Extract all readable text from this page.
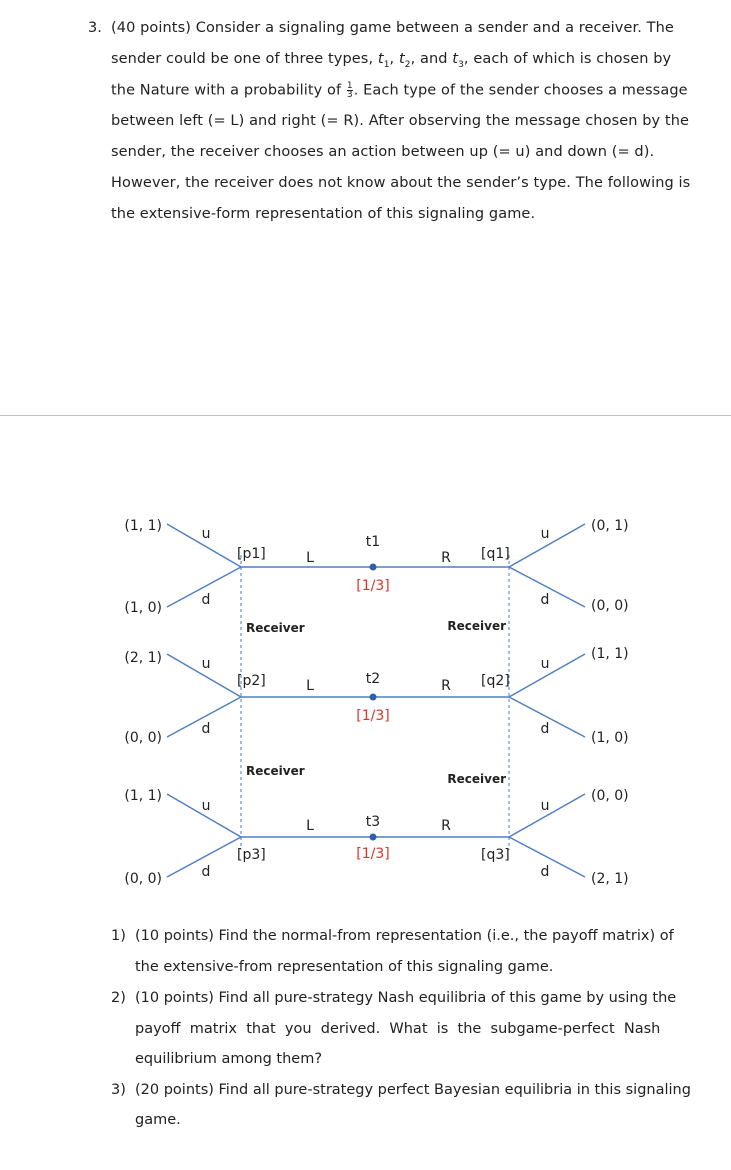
3. (40 points) Consider a signaling game between a sender and a receiver. The
sender could be one of three types, $t_1$, $t_2$, and $t_3$, each of which is chosen by
the Nature with a probability of $\frac{1}{3}$ . Each type of the sender chooses a message
between left (= L) and right (= R). After observing the message chosen by the
sender, the receiver chooses an action between up (= u) and down (= d).
However, the receiver does not know about the sender’s type. The following is
the extensive-form representation of this signaling game.
t1
[1/3]
[p1]	[q1]
L	R
u
d
u
d
(1, 1)
(1, 0)
(0, 1)
(0, 0)
t2
[1/3]
[p2]	[q2]
L	R
u
d
u
d
(2, 1)
(0, 0)
(1, 1)
(1, 0)
t3
[1/3]
[p3]	[q3]
L	R
u
d
u
d
(1, 1)
(0, 0)
(0, 0)
(2, 1)
Receiver
Receiver
Receiver
Receiver
1) (10 points) Find the normal-from representation (i.e., the payoff matrix) of
the extensive-from representation of this signaling game.
2) (10 points) Find all pure-strategy Nash equilibria of this game by using the
payoff  matrix  that  you  derived.  What  is  the  subgame-perfect  Nash
equilibrium among them?
3) (20 points) Find all pure-strategy perfect Bayesian equilibria in this signaling
game.
